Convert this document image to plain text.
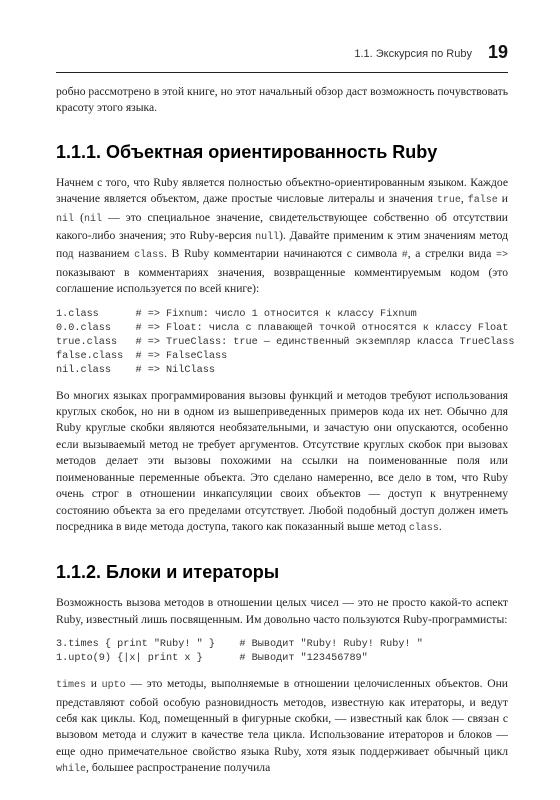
1.1. Экскурсия по Ruby 19

робно рассмотрено в этой книге, но этот начальный обзор даст возможность почувствовать красоту этого языка.

1.1.1. Объектная ориентированность Ruby

Начнем с того, что Ruby является полностью объектно-ориентированным языком. Каждое значение является объектом, даже простые числовые литералы и значения true, false и nil (nil — это специальное значение, свидетельствующее собственно об отсутствии какого-либо значения; это Ruby-версия null). Давайте применим к этим значениям метод под названием class. В Ruby комментарии начинаются с символа #, а стрелки вида => показывают в комментариях значения, возвращенные комментируемым кодом (это соглашение используется по всей книге):

1.class      # => Fixnum: число 1 относится к классу Fixnum
0.0.class    # => Float: числа с плавающей точкой относятся к классу Float
true.class   # => TrueClass: true — единственный экземпляр класса TrueClass
false.class  # => FalseClass
nil.class    # => NilClass

Во многих языках программирования вызовы функций и методов требуют использования круглых скобок, но ни в одном из вышеприведенных примеров кода их нет. Обычно для Ruby круглые скобки являются необязательными, и зачастую они опускаются, особенно если вызываемый метод не требует аргументов. Отсутствие круглых скобок при вызовах методов делает эти вызовы похожими на ссылки на поименованные поля или поименованные переменные объекта. Это сделано намеренно, все дело в том, что Ruby очень строг в отношении инкапсуляции своих объектов — доступ к внутреннему состоянию объекта за его пределами отсутствует. Любой подобный доступ должен иметь посредника в виде метода доступа, такого как показанный выше метод class.

1.1.2. Блоки и итераторы

Возможность вызова методов в отношении целых чисел — это не просто какой-то аспект Ruby, известный лишь посвященным. Им довольно часто пользуются Ruby-программисты:

3.times { print "Ruby! " }    # Выводит "Ruby! Ruby! Ruby! "
1.upto(9) {|x| print x }      # Выводит "123456789"

times и upto — это методы, выполняемые в отношении целочисленных объектов. Они представляют собой особую разновидность методов, известную как итераторы, и ведут себя как циклы. Код, помещенный в фигурные скобки, — известный как блок — связан с вызовом метода и служит в качестве тела цикла. Использование итераторов и блоков — еще одно примечательное свойство языка Ruby, хотя язык поддерживает обычный цикл while, большее распространение получила
